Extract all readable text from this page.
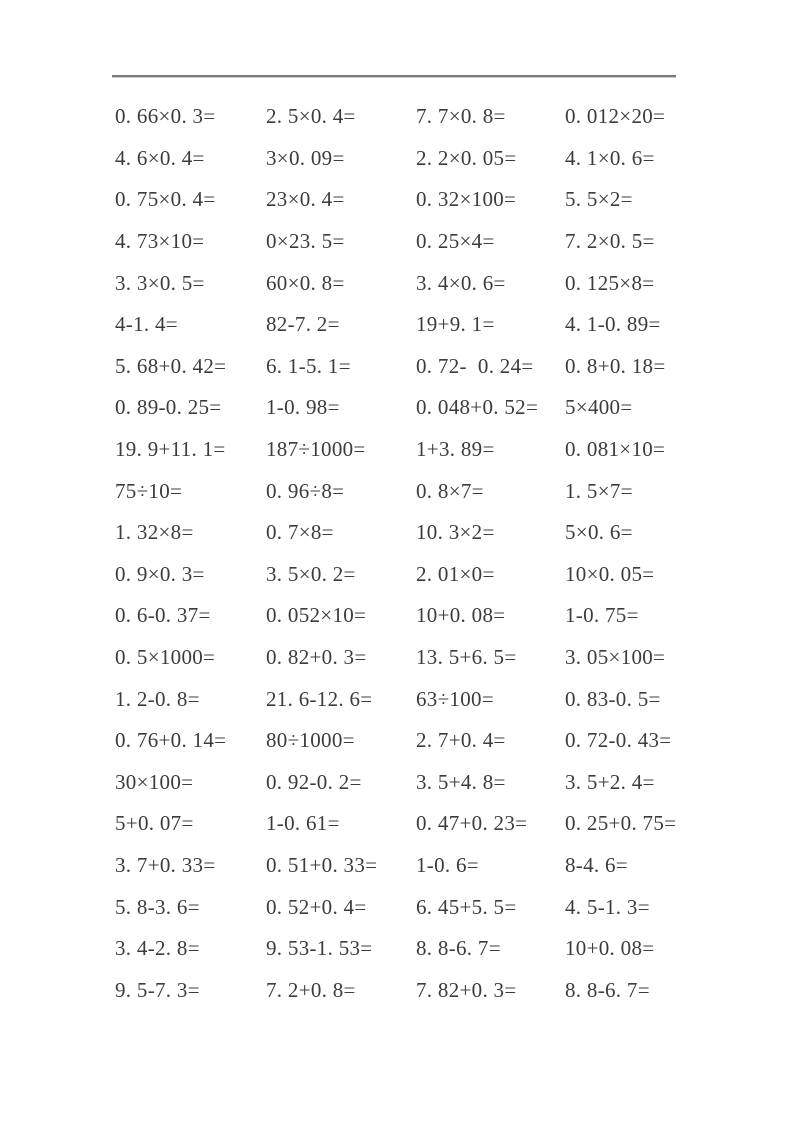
0. 66×0. 3=	2. 5×0. 4=	7. 7×0. 8=	0. 012×20=
4. 6×0. 4=	3×0. 09=	2. 2×0. 05=	4. 1×0. 6=
0. 75×0. 4=	23×0. 4=	0. 32×100=	5. 5×2=
4. 73×10=	0×23. 5=	0. 25×4=	7. 2×0. 5=
3. 3×0. 5=	60×0. 8=	3. 4×0. 6=	0. 125×8=
4-1. 4=	82-7. 2=	19+9. 1=	4. 1-0. 89=
5. 68+0. 42=	6. 1-5. 1=	0. 72-  0. 24=	0. 8+0. 18=
0. 89-0. 25=	1-0. 98=	0. 048+0. 52=	5×400=
19. 9+11. 1=	187÷1000=	1+3. 89=	0. 081×10=
75÷10=	0. 96÷8=	0. 8×7=	1. 5×7=
1. 32×8=	0. 7×8=	10. 3×2=	5×0. 6=
0. 9×0. 3=	3. 5×0. 2=	2. 01×0=	10×0. 05=
0. 6-0. 37=	0. 052×10=	10+0. 08=	1-0. 75=
0. 5×1000=	0. 82+0. 3=	13. 5+6. 5=	3. 05×100=
1. 2-0. 8=	21. 6-12. 6=	63÷100=	0. 83-0. 5=
0. 76+0. 14=	80÷1000=	2. 7+0. 4=	0. 72-0. 43=
30×100=	0. 92-0. 2=	3. 5+4. 8=	3. 5+2. 4=
5+0. 07=	1-0. 61=	0. 47+0. 23=	0. 25+0. 75=
3. 7+0. 33=	0. 51+0. 33=	1-0. 6=	8-4. 6=
5. 8-3. 6=	0. 52+0. 4=	6. 45+5. 5=	4. 5-1. 3=
3. 4-2. 8=	9. 53-1. 53=	8. 8-6. 7=	10+0. 08=
9. 5-7. 3=	7. 2+0. 8=	7. 82+0. 3=	8. 8-6. 7=
